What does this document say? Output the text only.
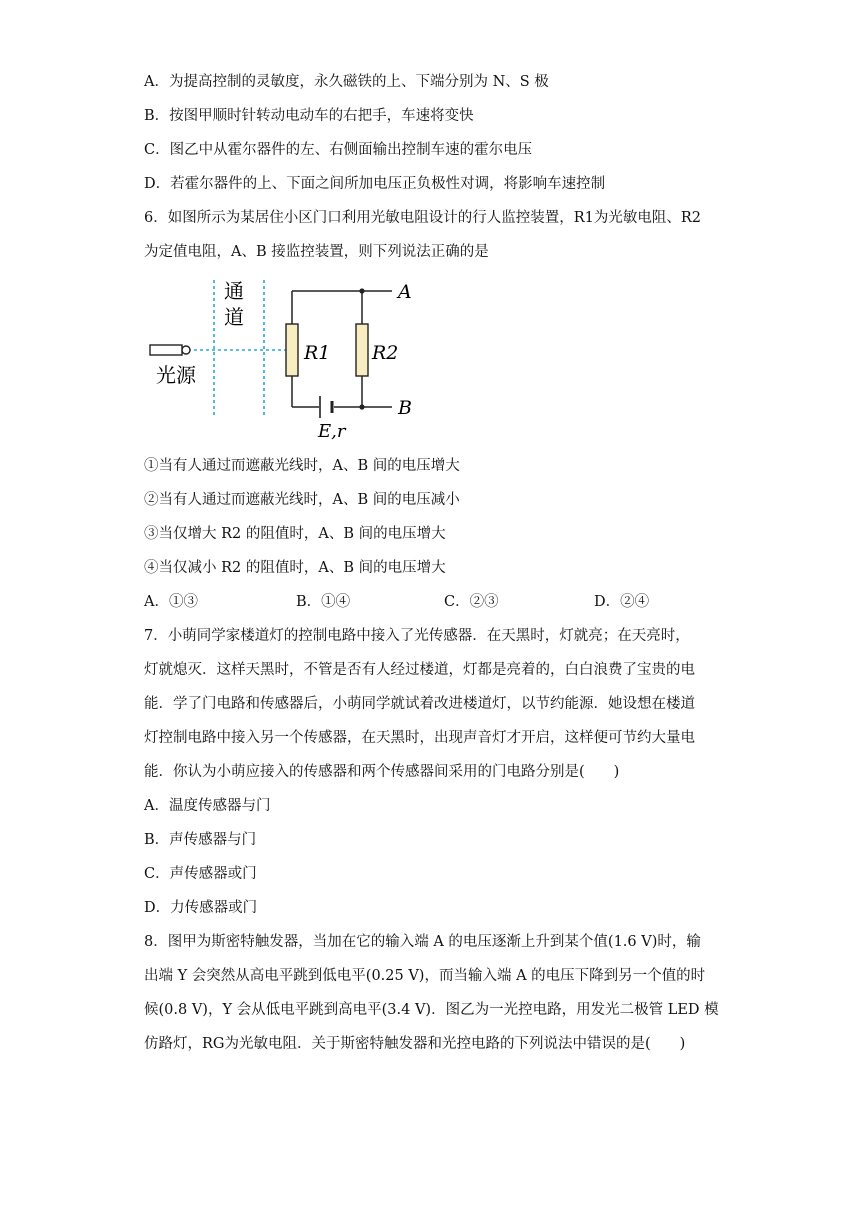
A．为提高控制的灵敏度，永久磁铁的上、下端分别为 N、S 极
B．按图甲顺时针转动电动车的右把手，车速将变快
C．图乙中从霍尔器件的左、右侧面输出控制车速的霍尔电压
D．若霍尔器件的上、下面之间所加电压正负极性对调，将影响车速控制
6．如图所示为某居住小区门口利用光敏电阻设计的行人监控装置，R1为光敏电阻、R2
为定值电阻，A、B 接监控装置，则下列说法正确的是
通
道
光源
R1 R2
A
B
E,r
①当有人通过而遮蔽光线时，A、B 间的电压增大
②当有人通过而遮蔽光线时，A、B 间的电压减小
③当仅增大 R2 的阻值时，A、B 间的电压增大
④当仅减小 R2 的阻值时，A、B 间的电压增大
A．①③	B．①④	C．②③	D．②④
7．小萌同学家楼道灯的控制电路中接入了光传感器．在天黑时，灯就亮；在天亮时，
灯就熄灭．这样天黑时，不管是否有人经过楼道，灯都是亮着的，白白浪费了宝贵的电
能．学了门电路和传感器后，小萌同学就试着改进楼道灯，以节约能源．她设想在楼道
灯控制电路中接入另一个传感器，在天黑时，出现声音灯才开启，这样便可节约大量电
能．你认为小萌应接入的传感器和两个传感器间采用的门电路分别是(　　)
A．温度传感器与门
B．声传感器与门
C．声传感器或门
D．力传感器或门
8．图甲为斯密特触发器，当加在它的输入端 A 的电压逐渐上升到某个值(1.6 V)时，输
出端 Y 会突然从高电平跳到低电平(0.25 V)，而当输入端 A 的电压下降到另一个值的时
候(0.8 V)，Y 会从低电平跳到高电平(3.4 V)．图乙为一光控电路，用发光二极管 LED 模
仿路灯，RG为光敏电阻．关于斯密特触发器和光控电路的下列说法中错误的是(　　)
